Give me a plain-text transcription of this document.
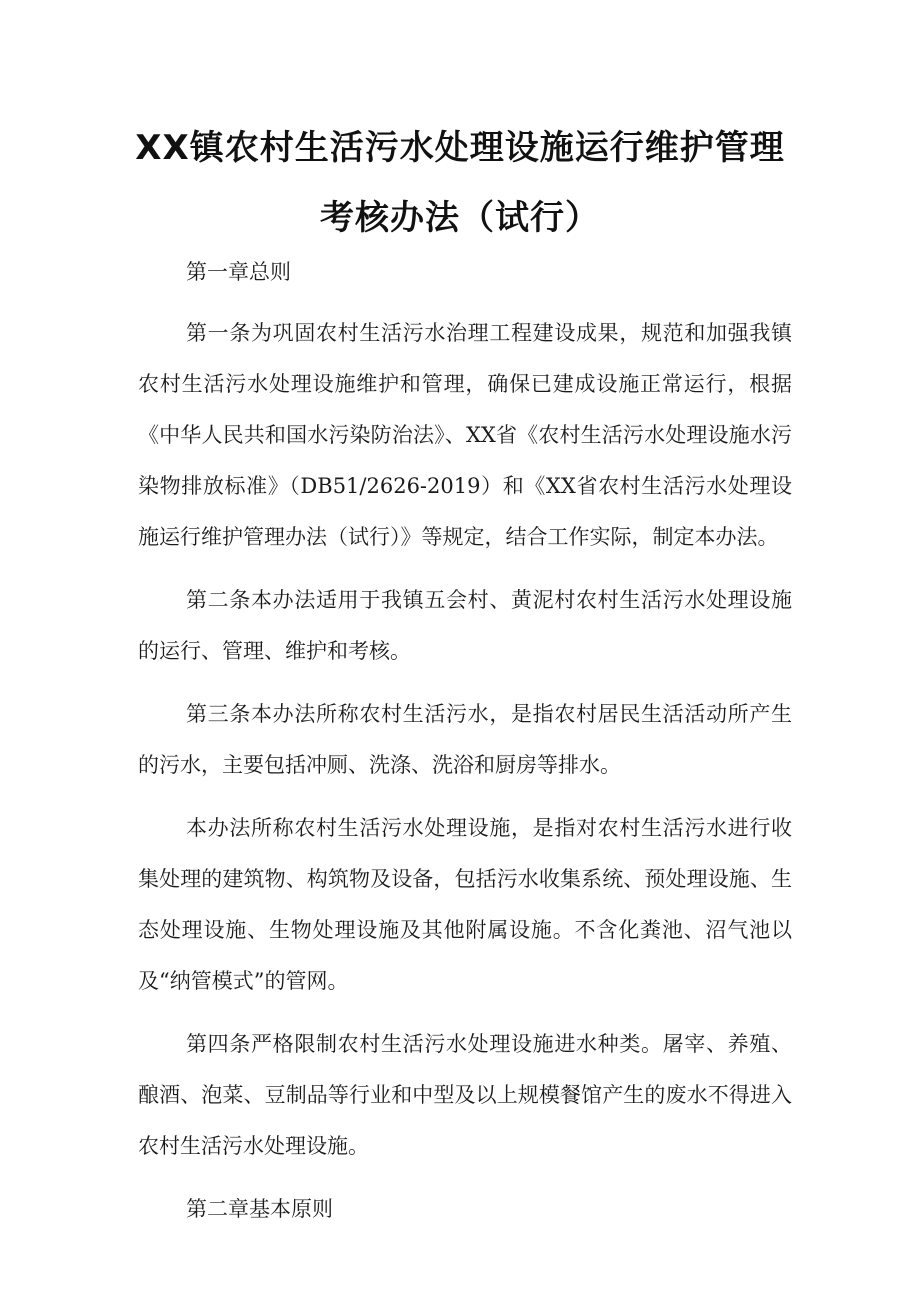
XX镇农村生活污水处理设施运行维护管理
考核办法（试行）

第一章总则

第一条为巩固农村生活污水治理工程建设成果，规范和加强我镇农村生活污水处理设施维护和管理，确保已建成设施正常运行，根据《中华人民共和国水污染防治法》、XX省《农村生活污水处理设施水污染物排放标准》（DB51/2626-2019）和《XX省农村生活污水处理设施运行维护管理办法（试行）》等规定，结合工作实际，制定本办法。

第二条本办法适用于我镇五会村、黄泥村农村生活污水处理设施的运行、管理、维护和考核。

第三条本办法所称农村生活污水，是指农村居民生活活动所产生的污水，主要包括冲厕、洗涤、洗浴和厨房等排水。

本办法所称农村生活污水处理设施，是指对农村生活污水进行收集处理的建筑物、构筑物及设备，包括污水收集系统、预处理设施、生态处理设施、生物处理设施及其他附属设施。不含化粪池、沼气池以及“纳管模式”的管网。

第四条严格限制农村生活污水处理设施进水种类。屠宰、养殖、酿酒、泡菜、豆制品等行业和中型及以上规模餐馆产生的废水不得进入农村生活污水处理设施。

第二章基本原则
